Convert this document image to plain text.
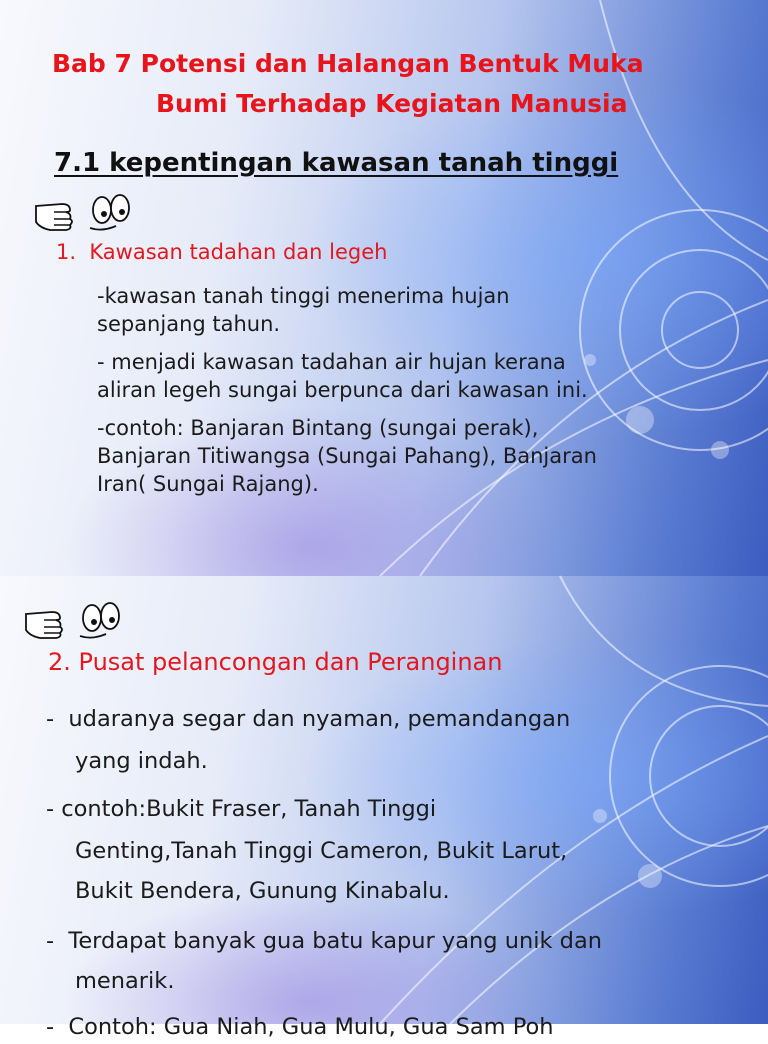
Bab 7 Potensi dan Halangan Bentuk Muka
Bumi Terhadap Kegiatan Manusia
7.1 kepentingan kawasan tanah tinggi
1. Kawasan tadahan dan legeh
-kawasan tanah tinggi menerima hujan
sepanjang tahun.
- menjadi kawasan tadahan air hujan kerana
aliran legeh sungai berpunca dari kawasan ini.
-contoh: Banjaran Bintang (sungai perak),
Banjaran Titiwangsa (Sungai Pahang), Banjaran
Iran( Sungai Rajang).
2. Pusat pelancongan dan Peranginan
-  udaranya segar dan nyaman, pemandangan
yang indah.
- contoh:Bukit Fraser, Tanah Tinggi
Genting,Tanah Tinggi Cameron, Bukit Larut,
Bukit Bendera, Gunung Kinabalu.
-  Terdapat banyak gua batu kapur yang unik dan
menarik.
-  Contoh: Gua Niah, Gua Mulu, Gua Sam Poh
